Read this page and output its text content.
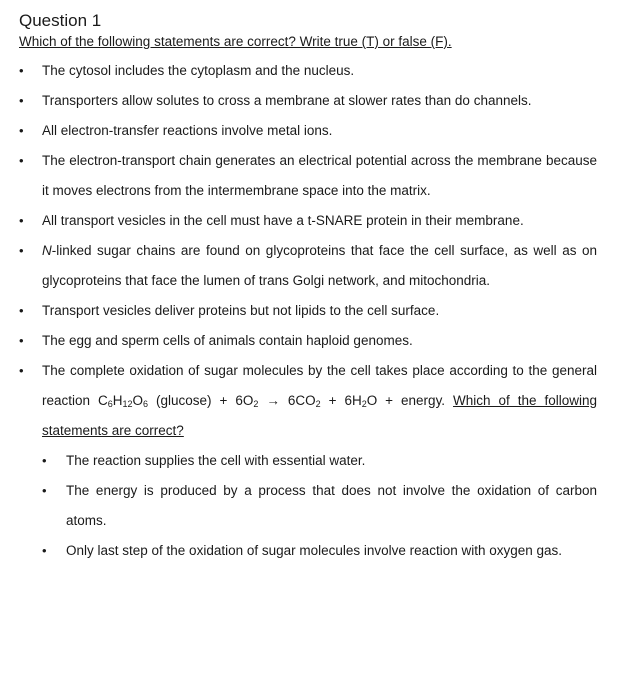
Question 1

Which of the following statements are correct? Write true (T) or false (F).

•	The cytosol includes the cytoplasm and the nucleus.
•	Transporters allow solutes to cross a membrane at slower rates than do channels.
•	All electron-transfer reactions involve metal ions.
•	The electron-transport chain generates an electrical potential across the membrane because it moves electrons from the intermembrane space into the matrix.
•	All transport vesicles in the cell must have a t-SNARE protein in their membrane.
•	N-linked sugar chains are found on glycoproteins that face the cell surface, as well as on glycoproteins that face the lumen of trans Golgi network, and mitochondria.
•	Transport vesicles deliver proteins but not lipids to the cell surface.
•	The egg and sperm cells of animals contain haploid genomes.
•	The complete oxidation of sugar molecules by the cell takes place according to the general reaction $C_6H_{12}O_6$ $(glucose) + 6O_2 \to 6CO_2 + 6H_2O$ + energy. Which of the following statements are correct?
•	The reaction supplies the cell with essential water.
•	The energy is produced by a process that does not involve the oxidation of carbon atoms.
•	Only last step of the oxidation of sugar molecules involve reaction with oxygen gas.
